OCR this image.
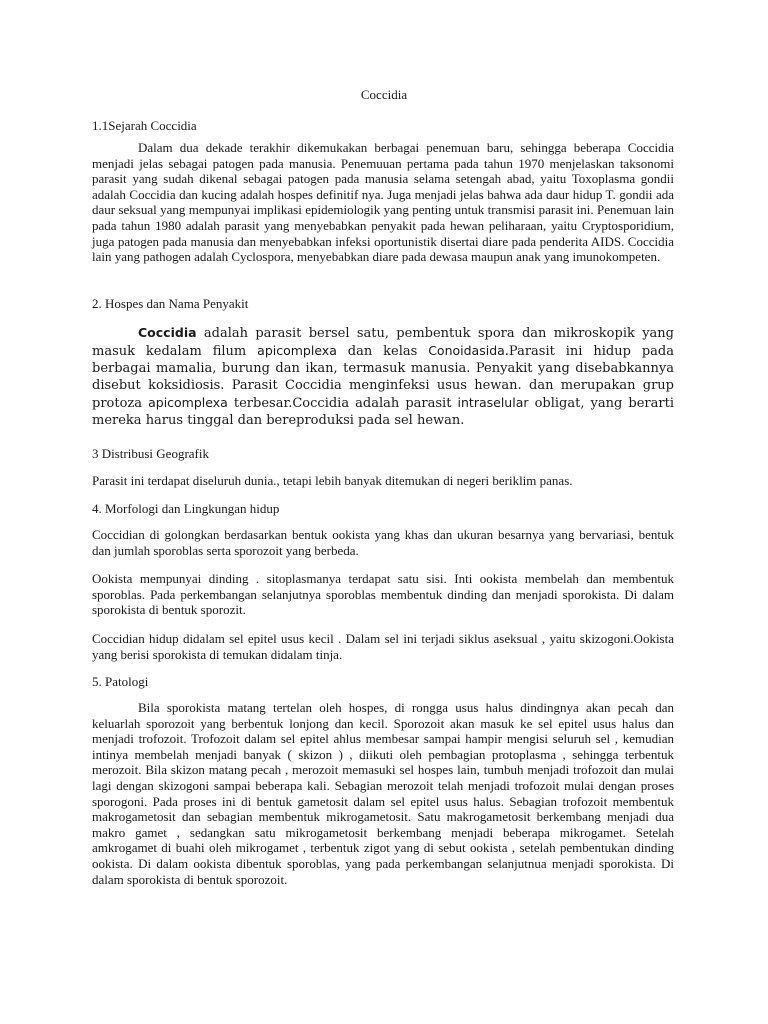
Coccidia
1.1Sejarah Coccidia

Dalam dua dekade terakhir dikemukakan berbagai penemuan baru, sehingga beberapa Coccidia menjadi jelas sebagai patogen pada manusia. Penemuuan pertama pada tahun 1970 menjelaskan taksonomi parasit yang sudah dikenal sebagai patogen pada manusia selama setengah abad, yaitu Toxoplasma gondii adalah Coccidia dan kucing adalah hospes definitif nya. Juga menjadi jelas bahwa ada daur hidup T. gondii ada daur seksual yang mempunyai implikasi epidemiologik yang penting untuk transmisi parasit ini. Penemuan lain pada tahun 1980 adalah parasit yang menyebabkan penyakit pada hewan peliharaan, yaitu Cryptosporidium, juga patogen pada manusia dan menyebabkan infeksi oportunistik disertai diare pada penderita AIDS. Coccidia lain yang pathogen adalah Cyclospora, menyebabkan diare pada dewasa maupun anak yang imunokompeten.

2. Hospes dan Nama Penyakit

Coccidia adalah parasit bersel satu, pembentuk spora dan mikroskopik yang masuk kedalam filum apicomplexa dan kelas Conoidasida.Parasit ini hidup pada berbagai mamalia, burung dan ikan, termasuk manusia. Penyakit yang disebabkannya disebut koksidiosis. Parasit Coccidia menginfeksi usus hewan. dan merupakan grup protoza apicomplexa terbesar.Coccidia adalah parasit intraselular obligat, yang berarti mereka harus tinggal dan bereproduksi pada sel hewan.

3 Distribusi Geografik

Parasit ini terdapat diseluruh dunia., tetapi lebih banyak ditemukan di negeri beriklim panas.

4. Morfologi dan Lingkungan hidup

Coccidian di golongkan berdasarkan bentuk ookista yang khas dan ukuran besarnya yang bervariasi, bentuk dan jumlah sporoblas serta sporozoit yang berbeda.

Ookista mempunyai dinding . sitoplasmanya terdapat satu sisi. Inti ookista membelah dan membentuk sporoblas. Pada perkembangan selanjutnya sporoblas membentuk dinding dan menjadi sporokista. Di dalam sporokista di bentuk sporozit.

Coccidian hidup didalam sel epitel usus kecil . Dalam sel ini terjadi siklus aseksual , yaitu skizogoni.Ookista yang berisi sporokista di temukan didalam tinja.

5. Patologi

Bila sporokista matang tertelan oleh hospes, di rongga usus halus dindingnya akan pecah dan keluarlah sporozoit yang berbentuk lonjong dan kecil. Sporozoit akan masuk ke sel epitel usus halus dan menjadi trofozoit. Trofozoit dalam sel epitel ahlus membesar sampai hampir mengisi seluruh sel , kemudian intinya membelah menjadi banyak ( skizon ) , diikuti oleh pembagian protoplasma , sehingga terbentuk merozoit. Bila skizon matang pecah , merozoit memasuki sel hospes lain, tumbuh menjadi trofozoit dan mulai lagi dengan skizogoni sampai beberapa kali. Sebagian merozoit telah menjadi trofozoit mulai dengan proses sporogoni. Pada proses ini di bentuk gametosit dalam sel epitel usus halus. Sebagian trofozoit membentuk makrogametosit dan sebagian membentuk mikrogametosit. Satu makrogametosit berkembang menjadi dua makro gamet , sedangkan satu mikrogametosit berkembang menjadi beberapa mikrogamet. Setelah amkrogamet di buahi oleh mikrogamet , terbentuk zigot yang di sebut ookista , setelah pembentukan dinding ookista. Di dalam ookista dibentuk sporoblas, yang pada perkembangan selanjutnua menjadi sporokista. Di dalam sporokista di bentuk sporozoit.
